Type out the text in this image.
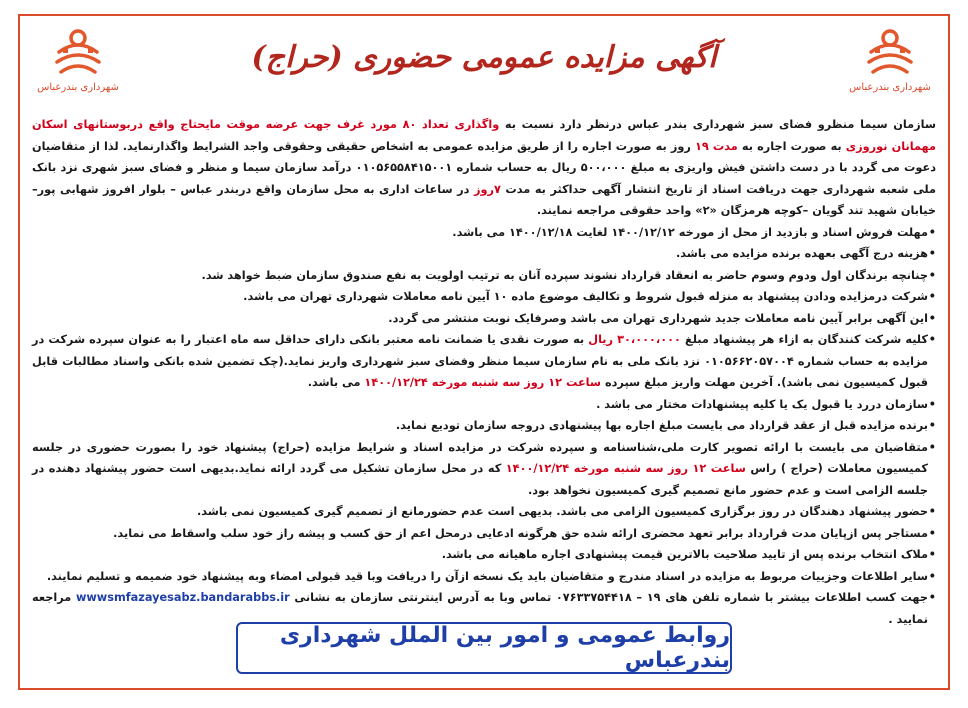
شهرداری بندرعباس	شهرداری بندرعباس
آگهی مزایده عمومی حضوری (حراج)

سازمان سیما منظرو فضای سبز شهرداری بندر عباس درنظر دارد نسبت به واگذاری تعداد ۸۰ مورد غرف جهت عرضه موقت مایحتاج واقع دربوستانهای اسکان مهمانان نوروزی به صورت اجاره به مدت ۱۹ روز به صورت اجاره را از طریق مزایده عمومی به اشخاص حقیقی وحقوقی واجد الشرایط واگذارنماید. لذا از متقاضیان دعوت می گردد با در دست داشتن فیش واریزی به مبلغ ۵۰۰،۰۰۰ ریال به حساب شماره ۰۱۰۵۶۵۵۸۴۱۵۰۰۱ درآمد سازمان سیما و منظر و فضای سبز شهری نزد بانک ملی شعبه شهرداری جهت دریافت اسناد از تاریخ انتشار آگهی حداکثر به مدت ۷روز در ساعات اداری به محل سازمان واقع دربندر عباس – بلوار افروز شهابی پور– خیابان شهید تند گویان –کوچه هرمزگان «۲» واحد حقوقی مراجعه نمایند.

• مهلت فروش اسناد و بازدید از محل از مورخه ۱۴۰۰/۱۲/۱۲ لغایت ۱۴۰۰/۱۲/۱۸ می باشد.

• هزینه درج آگهی بعهده برنده مزایده می باشد.

• چنانچه برندگان اول ودوم وسوم حاضر به انعقاد قرارداد نشوند سپرده آنان به ترتیب اولویت به نفع صندوق سازمان ضبط خواهد شد.

• شرکت درمزایده ودادن پیشنهاد به منزله قبول شروط و تکالیف موضوع ماده ۱۰ آیین نامه معاملات شهرداری تهران می باشد.

• این آگهی برابر آیین نامه معاملات جدید شهرداری تهران می باشد وصرفایک نوبت منتشر می گردد.

• کلیه شرکت کنندگان به ازاء هر پیشنهاد مبلغ ۳۰،۰۰۰،۰۰۰ ریال به صورت نقدی یا ضمانت نامه معتبر بانکی دارای حداقل سه ماه اعتبار را به عنوان سپرده شرکت در مزایده به حساب شماره ۰۱۰۵۶۶۲۰۵۷۰۰۴ نزد بانک ملی به نام سازمان سیما منظر وفضای سبز شهرداری واریز نماید.(چک تضمین شده بانکی واسناد مطالبات قابل قبول کمیسیون نمی باشد). آخرین مهلت واریز مبلغ سپرده ساعت ۱۲ روز سه شنبه مورخه ۱۴۰۰/۱۲/۲۴ می باشد.

• سازمان دررد یا قبول یک یا کلیه پیشنهادات مختار می باشد .

• برنده مزایده قبل از عقد قرارداد می بایست مبلغ اجاره بها پیشنهادی دروجه سازمان تودیع نماید.

• متقاضیان می بایست با ارائه تصویر کارت ملی،شناسنامه و سپرده شرکت در مزایده اسناد و شرایط مزایده (حراج) پیشنهاد خود را بصورت حضوری در جلسه کمیسیون معاملات (حراج ) راس ساعت ۱۲ روز سه شنبه مورخه ۱۴۰۰/۱۲/۲۴ که در محل سازمان تشکیل می گردد ارائه نماید.بدیهی است حضور پیشنهاد دهنده در جلسه الزامی است و عدم حضور مانع تصمیم گیری کمیسیون نخواهد بود.

• حضور پیشنهاد دهندگان در روز برگزاری کمیسیون الزامی می باشد. بدیهی است عدم حضورمانع از تصمیم گیری کمیسیون نمی باشد.

• مستاجر پس ازپایان مدت قرارداد برابر تعهد محضری ارائه شده حق هرگونه ادعایی درمحل اعم از حق کسب و پیشه راز خود سلب واسقاط می نماید.

• ملاک انتخاب برنده پس از تایید صلاحیت بالاترین قیمت پیشنهادی اجاره ماهیانه می باشد.

• سایر اطلاعات وجزییات مربوط به مزایده در اسناد مندرج و متقاضیان باید یک نسخه ازآن را دریافت وبا قید قبولی امضاء وبه پیشنهاد خود ضمیمه و تسلیم نمایند.

• جهت کسب اطلاعات بیشتر با شماره تلفن های ۱۹ – ۰۷۶۳۳۷۵۴۴۱۸ تماس وبا به آدرس اینترنتی سازمان به نشانی wwwsmfazayesabz.bandarabbs.ir مراجعه نمایید .

روابط عمومی و امور بین الملل شهرداری بندرعباس
